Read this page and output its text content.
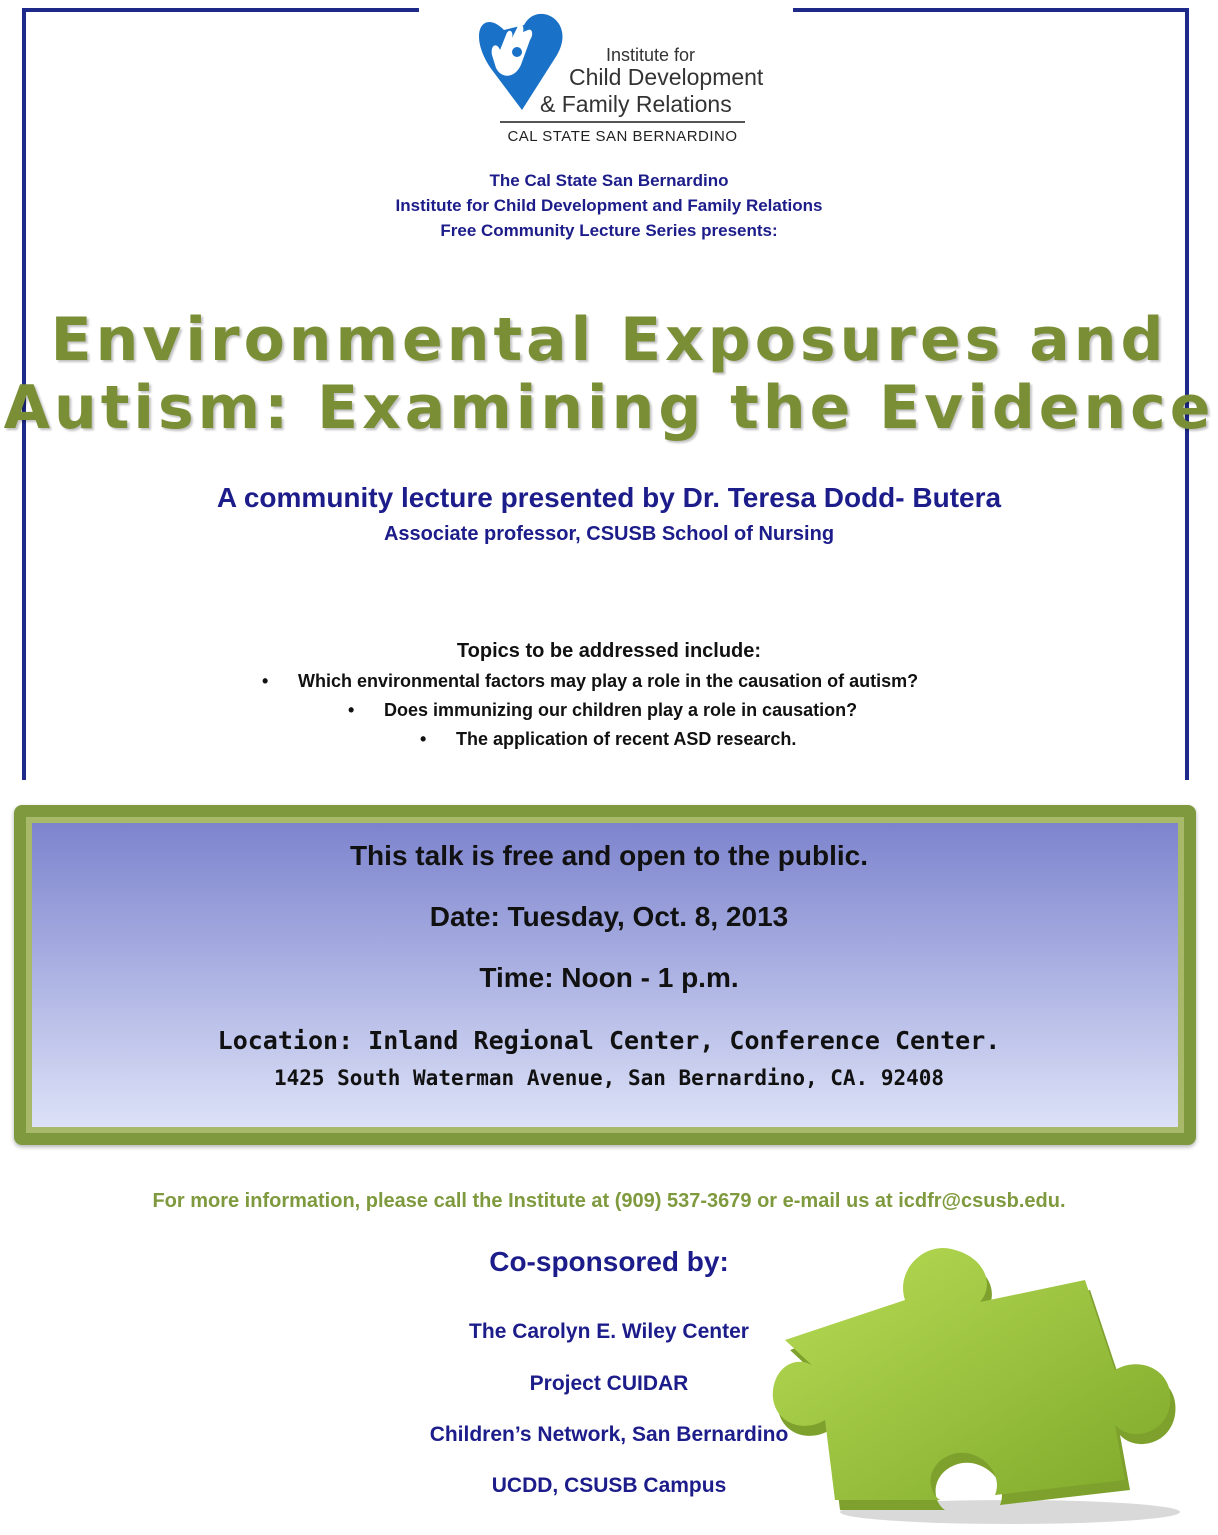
Institute for
Child Development
& Family Relations
CAL STATE SAN BERNARDINO
The Cal State San Bernardino
Institute for Child Development and Family Relations
Free Community Lecture Series presents:
Environmental Exposures and
Autism: Examining the Evidence
A community lecture presented by Dr. Teresa Dodd- Butera
Associate professor, CSUSB School of Nursing
Topics to be addressed include:
• Which environmental factors may play a role in the causation of autism?
• Does immunizing our children play a role in causation?
• The application of recent ASD research.
This talk is free and open to the public.
Date: Tuesday, Oct. 8, 2013
Time: Noon - 1 p.m.
Location: Inland Regional Center, Conference Center.
1425 South Waterman Avenue, San Bernardino, CA. 92408
For more information, please call the Institute at (909) 537-3679 or e-mail us at icdfr@csusb.edu.
Co-sponsored by:
The Carolyn E. Wiley Center
Project CUIDAR
Children’s Network, San Bernardino
UCDD, CSUSB Campus
